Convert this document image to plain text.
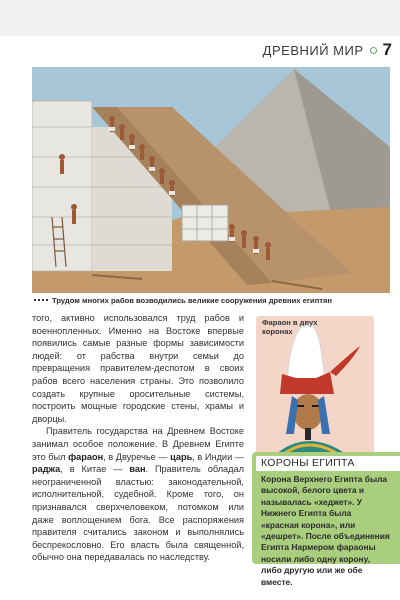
ДРЕВНИЙ МИР 7
Трудом многих рабов возводились великие сооружения древних египтян

того, активно использовался труд рабов и военнопленных. Именно на Востоке впервые появились самые разные формы зависимости людей: от рабства внутри семьи до превращения правителем-деспотом в своих рабов всего населения страны. Это позволило создать крупные оросительные системы, построить мощные городские стены, храмы и дворцы.

Правитель государства на Древнем Востоке занимал особое положение. В Древнем Египте это был фараон, в Двуречье — царь, в Индии — раджа, в Китае — ван. Правитель обладал неограниченной властью: законодательной, исполнительной, судебной. Кроме того, он признавался сверхчеловеком, потомком или даже воплощением бога. Все распоряжения правителя считались законом и выполнялись беспрекословно. Его власть была священной, обычно она передавалась по наследству.

Фараон в двух коронах
КОРОНЫ ЕГИПТА
Корона Верхнего Египта была высокой, белого цвета и называлась «хеджет». У Нижнего Египта была «красная корона», или «дешрет». После объединения Египта Нармером фараоны носили либо одну корону, либо другую или же обе вместе.
